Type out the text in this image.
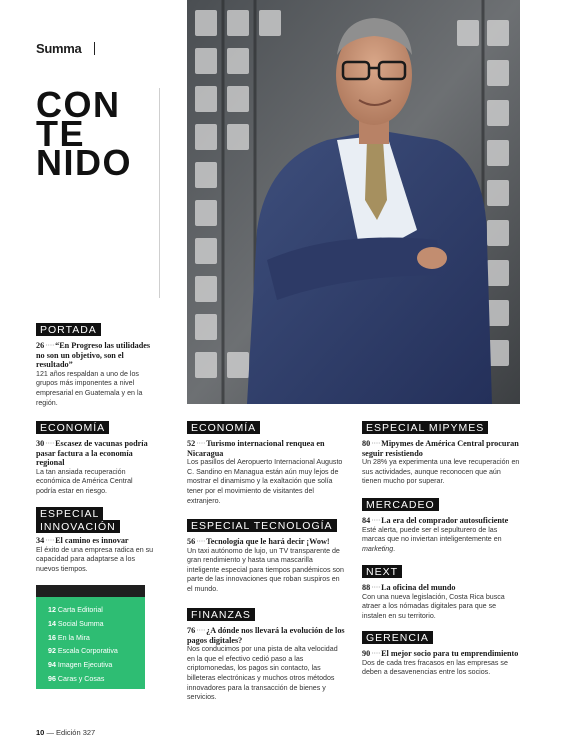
Summa
CON
TE
NIDO
PORTADA
26····“En Progreso las utilidades no son un objetivo, son el resultado”
121 años respaldan a uno de los grupos más imponentes a nivel empresarial en Guatemala y en la región.
ECONOMÍA
30····Escasez de vacunas podría pasar factura a la economía regional
La tan ansiada recuperación económica de América Central podría estar en riesgo.
ESPECIAL
INNOVACIÓN
34····El camino es innovar
El éxito de una empresa radica en su capacidad para adaptarse a los nuevos tiempos.
12 Carta Editorial
14 Social Summa
16 En la Mira
92 Escala Corporativa
94 Imagen Ejecutiva
96 Caras y Cosas
ECONOMÍA
52····Turismo internacional renquea en Nicaragua
Los pasillos del Aeropuerto Internacional Augusto C. Sandino en Managua están aún muy lejos de mostrar el dinamismo y la exaltación que solía tener por el movimiento de visitantes del extranjero.
ESPECIAL TECNOLOGÍA
56····Tecnología que le hará decir ¡Wow!
Un taxi autónomo de lujo, un TV transparente de gran rendimiento y hasta una mascarilla inteligente especial para tiempos pandémicos son parte de las innovaciones que roban suspiros en el mundo.
FINANZAS
76····¿A dónde nos llevará la evolución de los pagos digitales?
Nos conducimos por una pista de alta velocidad en la que el efectivo cedió paso a las criptomonedas, los pagos sin contacto, las billeteras electrónicas y muchos otros métodos innovadores para la transacción de bienes y servicios.
ESPECIAL MIPYMES
80····Mipymes de América Central procuran seguir resistiendo
Un 28% ya experimenta una leve recuperación en sus actividades, aunque reconocen que aún tienen mucho por superar.
MERCADEO
84····La era del comprador autosuficiente
Esté alerta, puede ser el sepulturero de las marcas que no inviertan inteligentemente en marketing.
NEXT
88····La oficina del mundo
Con una nueva legislación, Costa Rica busca atraer a los nómadas digitales para que se instalen en su territorio.
GERENCIA
90····El mejor socio para tu emprendimiento
Dos de cada tres fracasos en las empresas se deben a desavenencias entre los socios.
10 — Edición 327
